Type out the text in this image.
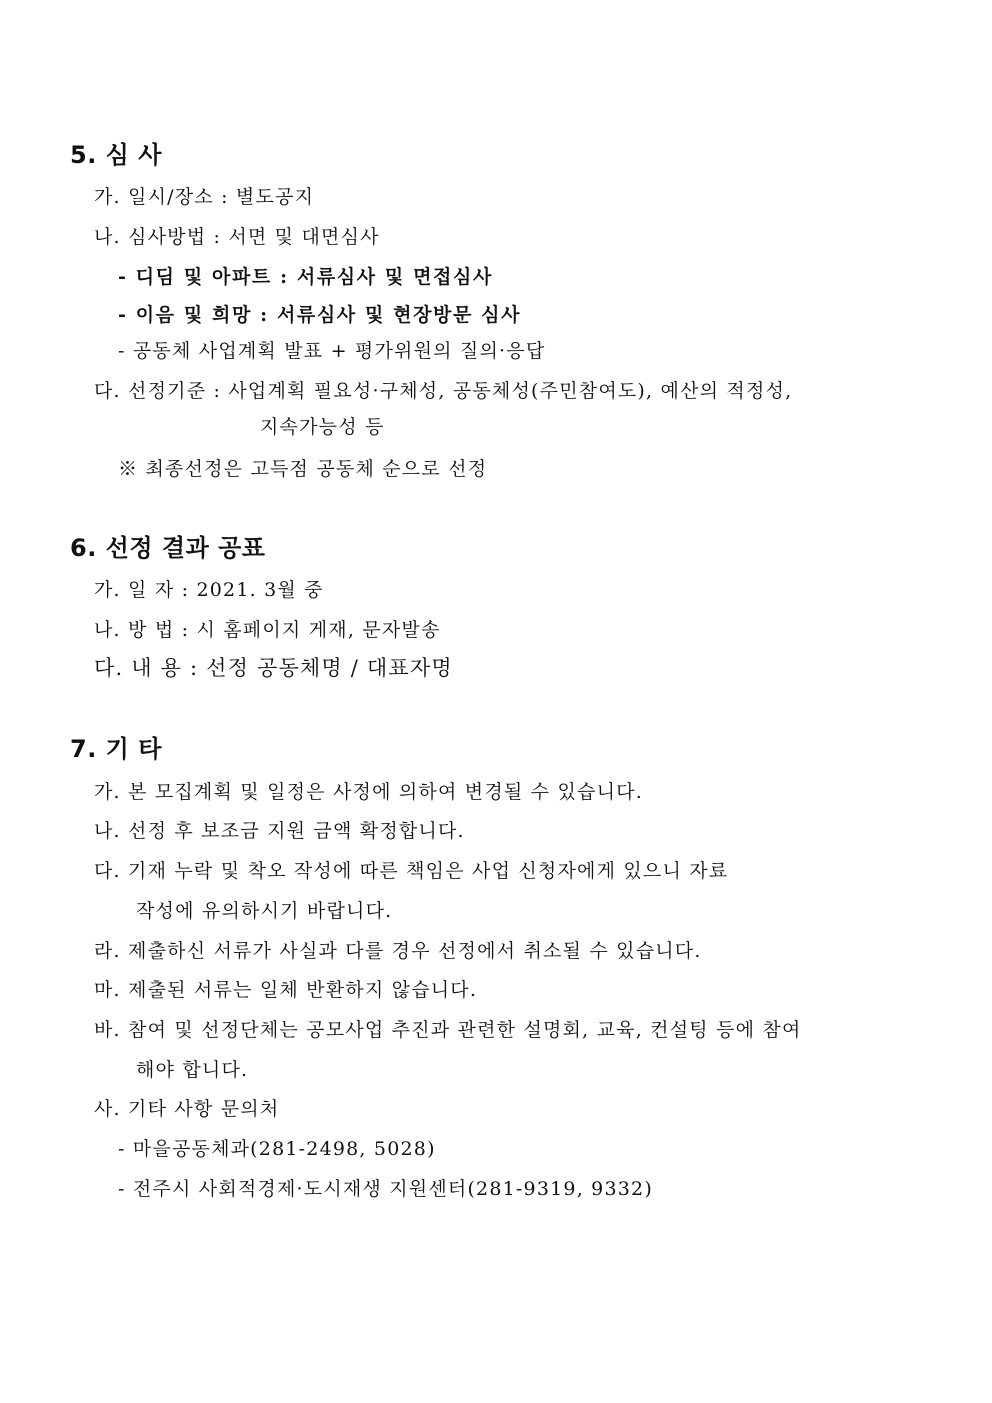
5. 심 사
가. 일시/장소 : 별도공지
나. 심사방법 : 서면 및 대면심사
- 디딤 및 아파트 : 서류심사 및 면접심사
- 이음 및 희망 : 서류심사 및 현장방문 심사
- 공동체 사업계획 발표 + 평가위원의 질의·응답
다. 선정기준 : 사업계획 필요성·구체성, 공동체성(주민참여도), 예산의 적정성,
지속가능성 등
※ 최종선정은 고득점 공동체 순으로 선정
6. 선정 결과 공표
가. 일 자 : 2021. 3월 중
나. 방 법 : 시 홈페이지 게재, 문자발송
다. 내 용 : 선정 공동체명 / 대표자명
7. 기 타
가. 본 모집계획 및 일정은 사정에 의하여 변경될 수 있습니다.
나. 선정 후 보조금 지원 금액 확정합니다.
다. 기재 누락 및 착오 작성에 따른 책임은 사업 신청자에게 있으니 자료
작성에 유의하시기 바랍니다.
라. 제출하신 서류가 사실과 다를 경우 선정에서 취소될 수 있습니다.
마. 제출된 서류는 일체 반환하지 않습니다.
바. 참여 및 선정단체는 공모사업 추진과 관련한 설명회, 교육, 컨설팅 등에 참여
해야 합니다.
사. 기타 사항 문의처
- 마을공동체과(281-2498, 5028)
- 전주시 사회적경제·도시재생 지원센터(281-9319, 9332)
